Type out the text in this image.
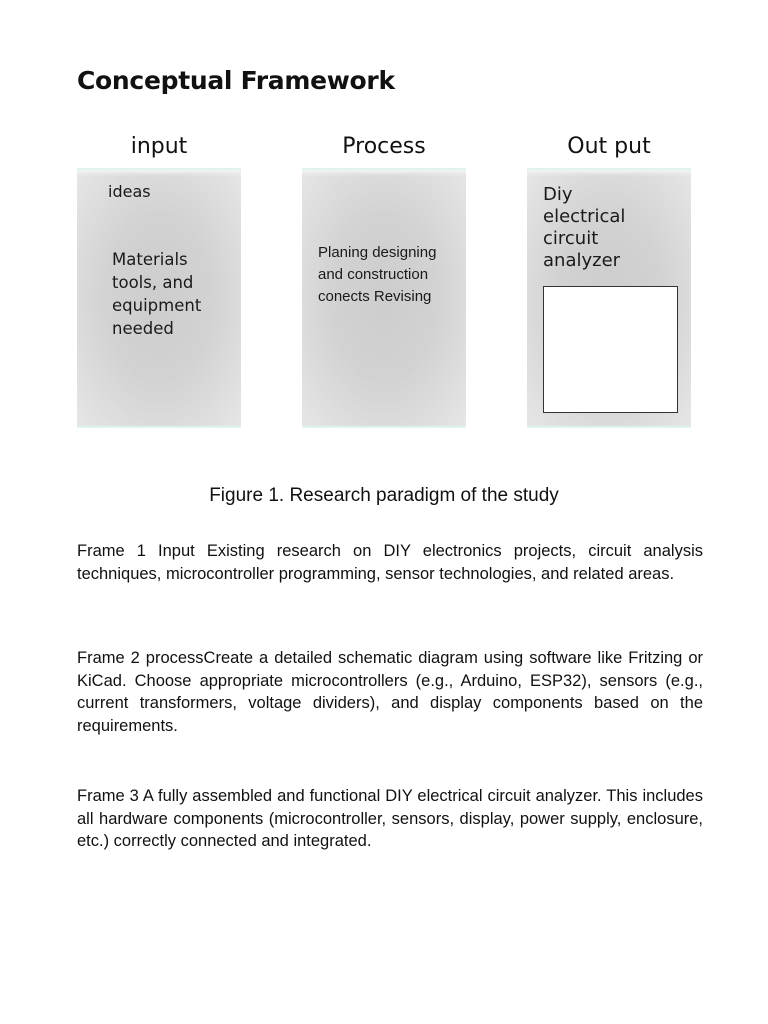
Conceptual Framework
input	Process	Out put
ideas
Materials tools, and equipment needed
Planing designing and construction conects Revising
Diy electrical circuit analyzer
Figure 1. Research paradigm of the study

Frame 1 Input Existing research on DIY electronics projects, circuit analysis techniques, microcontroller programming, sensor technologies, and related areas.

Frame 2 processCreate a detailed schematic diagram using software like Fritzing or KiCad. Choose appropriate microcontrollers (e.g., Arduino, ESP32), sensors (e.g., current transformers, voltage dividers), and display components based on the requirements.

Frame 3 A fully assembled and functional DIY electrical circuit analyzer. This includes all hardware components (microcontroller, sensors, display, power supply, enclosure, etc.) correctly connected and integrated.
